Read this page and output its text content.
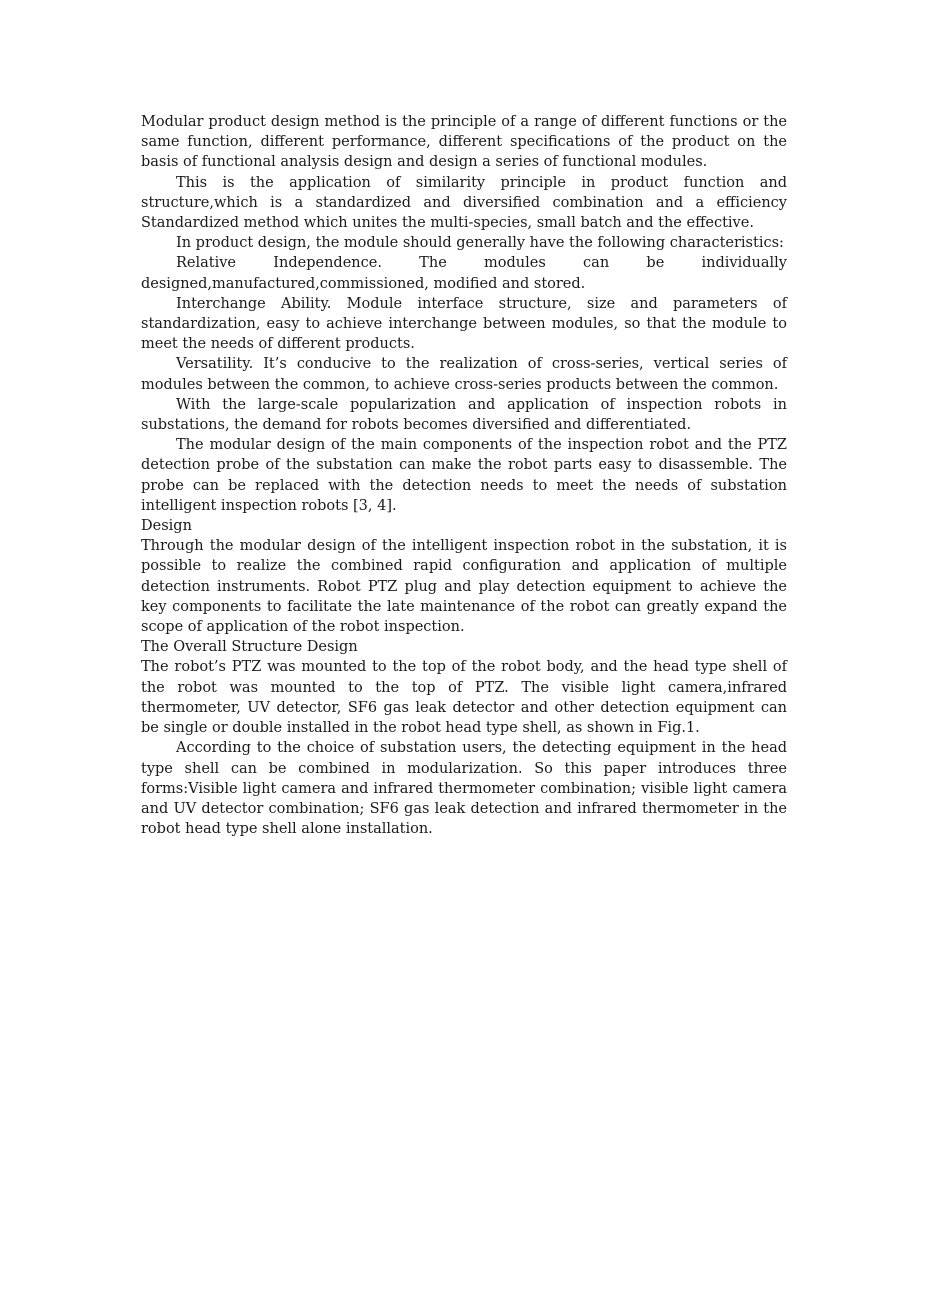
Modular product design method is the principle of a range of different functions or the same function, different performance, different specifications of the product on the basis of functional analysis design and design a series of functional modules.

This is the application of similarity principle in product function and structure,which is a standardized and diversified combination and a efficiency Standardized method which unites the multi-species, small batch and the effective.

In product design, the module should generally have the following characteristics:

Relative Independence. The modules can be individually designed,manufactured,commissioned, modified and stored.

Interchange Ability. Module interface structure, size and parameters of standardization, easy to achieve interchange between modules, so that the module to meet the needs of different products.

Versatility. It’s conducive to the realization of cross-series, vertical series of modules between the common, to achieve cross-series products between the common.

With the large-scale popularization and application of inspection robots in substations, the demand for robots becomes diversified and differentiated.

The modular design of the main components of the inspection robot and the PTZ detection probe of the substation can make the robot parts easy to disassemble. The probe can be replaced with the detection needs to meet the needs of substation intelligent inspection robots [3, 4].

Design

Through the modular design of the intelligent inspection robot in the substation, it is possible to realize the combined rapid configuration and application of multiple detection instruments. Robot PTZ plug and play detection equipment to achieve the key components to facilitate the late maintenance of the robot can greatly expand the scope of application of the robot inspection.

The Overall Structure Design

The robot’s PTZ was mounted to the top of the robot body, and the head type shell of the robot was mounted to the top of PTZ. The visible light camera,infrared thermometer, UV detector, SF6 gas leak detector and other detection equipment can be single or double installed in the robot head type shell, as shown in Fig.1.

According to the choice of substation users, the detecting equipment in the head type shell can be combined in modularization. So this paper introduces three forms:Visible light camera and infrared thermometer combination; visible light camera and UV detector combination; SF6 gas leak detection and infrared thermometer in the robot head type shell alone installation.
